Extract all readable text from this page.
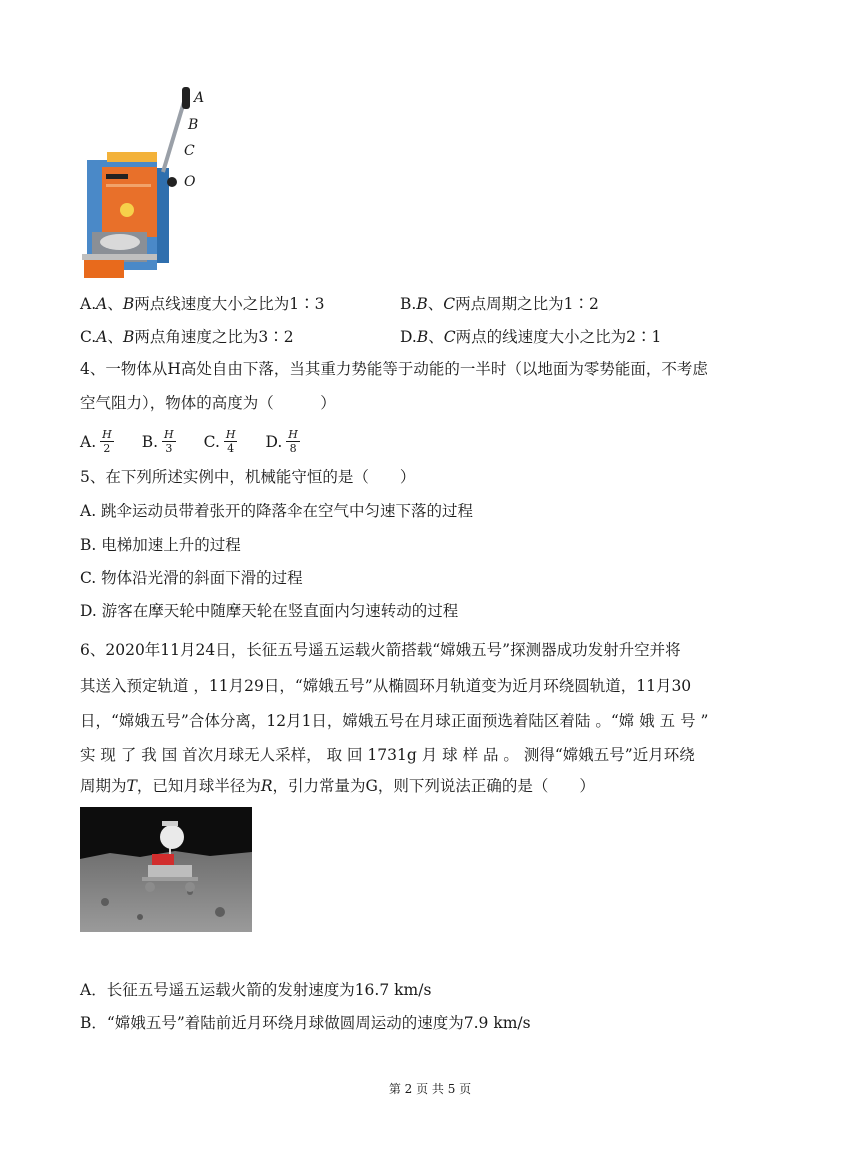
A
B
C
O
A.A、B两点线速度大小之比为1∶3	B.B、C两点周期之比为1∶2
C.A、B两点角速度之比为3∶2	D.B、C两点的线速度大小之比为2∶1
4、一物体从H高处自由下落，当其重力势能等于动能的一半时（以地面为零势能面，不考虑
空气阻力），物体的高度为（　　　）
A. $\frac{H}{2} B$. $\frac{H}{3} C$. $\frac{H}{4} D$. $\frac{H}{8}$
5、在下列所述实例中，机械能守恒的是（　　）
A. 跳伞运动员带着张开的降落伞在空气中匀速下落的过程
B. 电梯加速上升的过程
C. 物体沿光滑的斜面下滑的过程
D. 游客在摩天轮中随摩天轮在竖直面内匀速转动的过程
6、2020年11月24日，长征五号遥五运载火箭搭载“嫦娥五号”探测器成功发射升空并将
其送入预定轨道 ，11月29日，“嫦娥五号”从椭圆环月轨道变为近月环绕圆轨道，11月30
日，“嫦娥五号”合体分离，12月1日，嫦娥五号在月球正面预选着陆区着陆 。“嫦 娥 五 号 ”
实 现 了 我 国 首次月球无人采样， 取 回 1731g 月 球 样 品 。 测得“嫦娥五号”近月环绕
周期为T，已知月球半径为R，引力常量为G，则下列说法正确的是（　　）
A．长征五号遥五运载火箭的发射速度为16.7 km/s
B．“嫦娥五号”着陆前近月环绕月球做圆周运动的速度为7.9 km/s
第 2 页 共 5 页
